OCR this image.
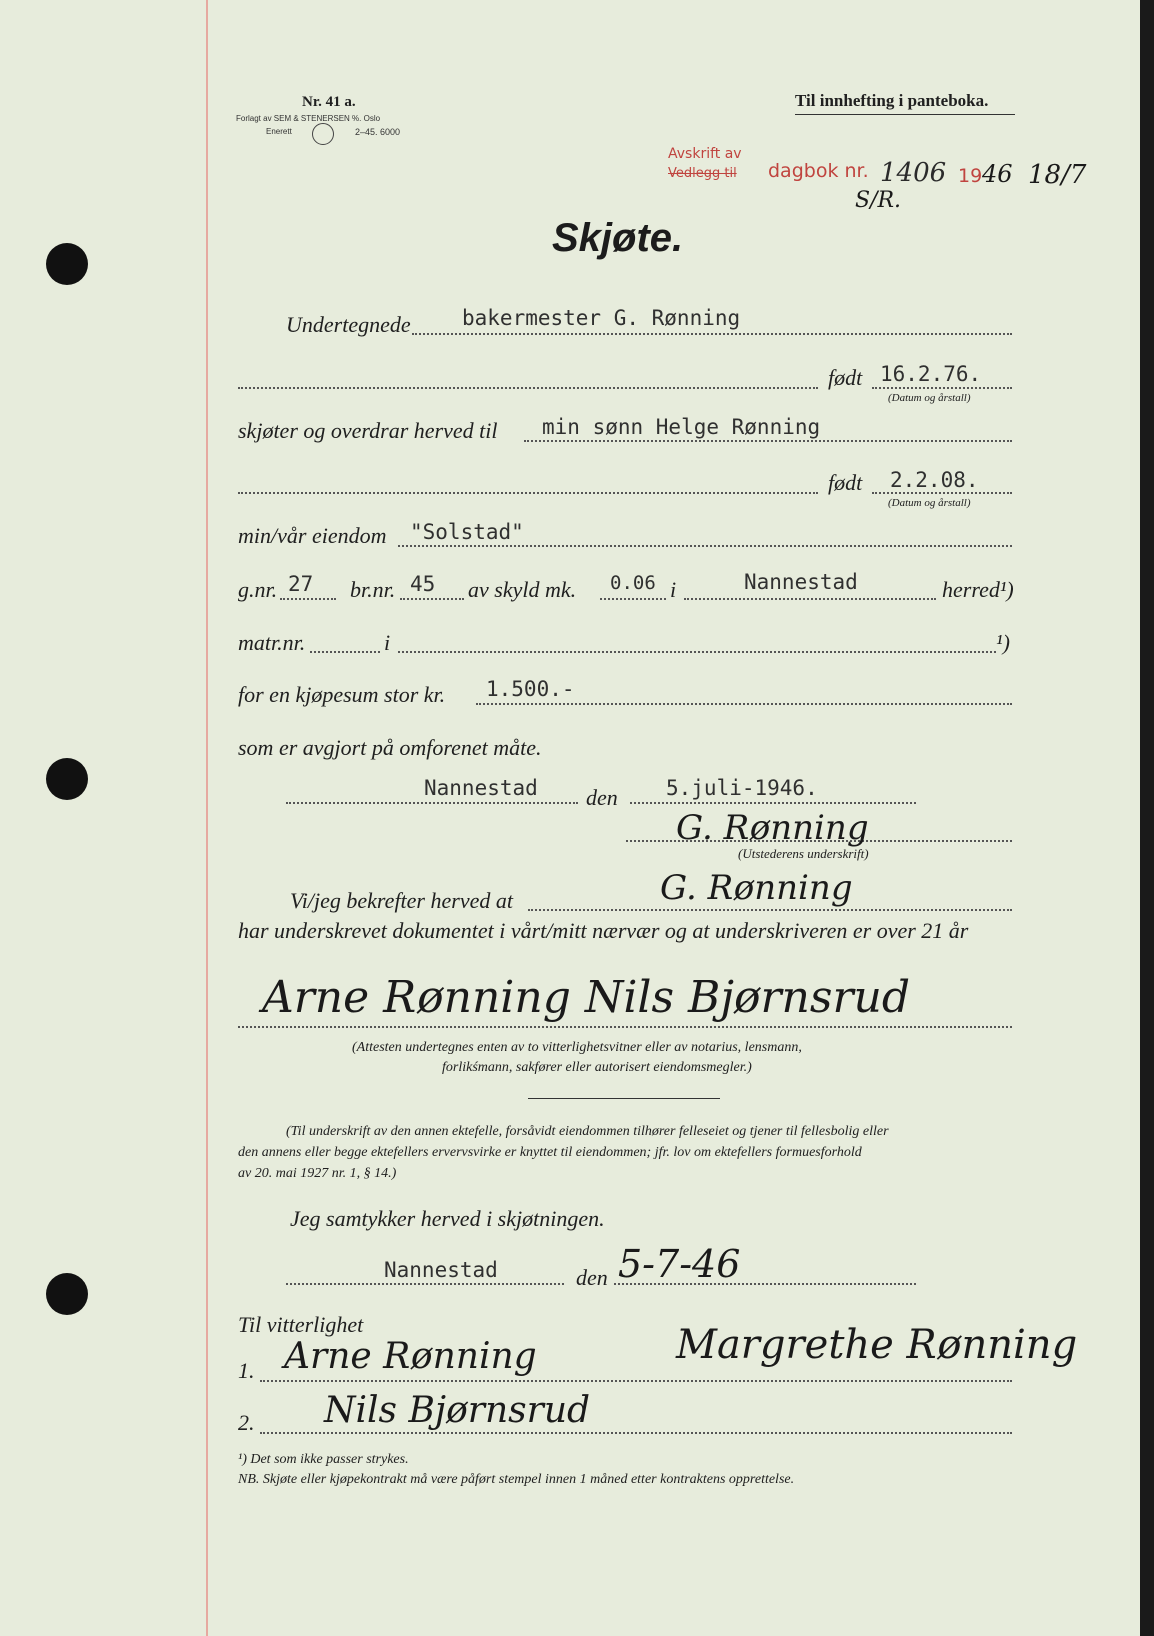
Nr. 41 a.
Forlagt av SEM & STENERSEN %. Oslo
Enerett	2–45. 6000
Til innhefting i panteboka.
Avskrift av
Vedlegg til dagbok nr. 1406 19 46 18/7
S/R.
Skjøte.
Undertegnede bakermester G. Rønning
født 16.2.76.
(Datum og årstall)
skjøter og overdrar herved til min sønn Helge Rønning
født 2.2.08.
(Datum og årstall)
min/vår eiendom "Solstad"
g.nr. 27 br.nr. 45 av skyld mk. 0.06 i	Nannestad	herred¹)
matr.nr.	i	¹)
for en kjøpesum stor kr. 1.500.-
som er avgjort på omforenet måte.
Nannestad den 5.juli-1946.
G. Rønning
(Utstederens underskrift)
Vi/jeg bekrefter herved at	G. Rønning
har underskrevet dokumentet i vårt/mitt nærvær og at underskriveren er over 21 år
Arne Rønning Nils Bjørnsrud
(Attesten undertegnes enten av to vitterlighetsvitner eller av notarius, lensmann,
forlikśmann, sakfører eller autorisert eiendomsmegler.)
(Til underskrift av den annen ektefelle, forsåvidt eiendommen tilhører felleseiet og tjener til fellesbolig eller
den annens eller begge ektefellers ervervsvirke er knyttet til eiendommen; jfr. lov om ektefellers formuesforhold
av 20. mai 1927 nr. 1, § 14.)
Jeg samtykker herved i skjøtningen.
Nannestad	den 5-7-46
Til vitterlighet
1. Arne Rønning	Margrethe Rønning
2. Nils Bjørnsrud
¹) Det som ikke passer strykes.
NB. Skjøte eller kjøpekontrakt må være påført stempel innen 1 måned etter kontraktens opprettelse.
